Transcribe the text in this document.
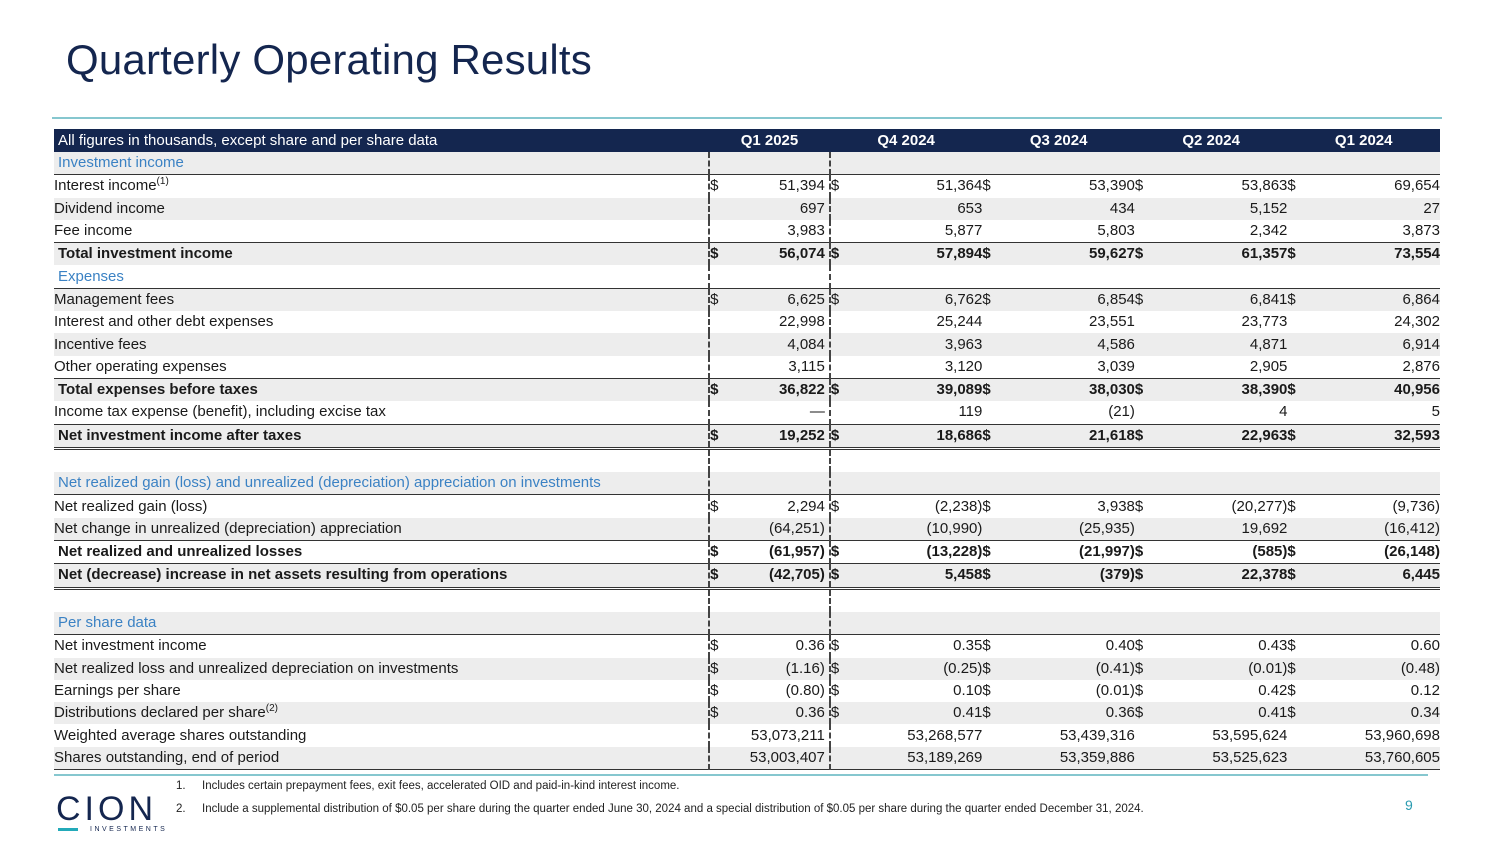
Quarterly Operating Results
All figures in thousands, except share and per share data	Q1 2025		Q4 2024		Q3 2024		Q2 2024		Q1 2024	
Investment income										
Interest income$^{(1)}$	$	51,394	$	51,364	$	53,390	$	53,863	$	69,654
Dividend income		697		653		434		5,152		27
Fee income		3,983		5,877		5,803		2,342		3,873
Total investment income	$	56,074	$	57,894	$	59,627	$	61,357	$	73,554
Expenses										
Management fees	$	6,625	$	6,762	$	6,854	$	6,841	$	6,864
Interest and other debt expenses		22,998		25,244		23,551		23,773		24,302
Incentive fees		4,084		3,963		4,586		4,871		6,914
Other operating expenses		3,115		3,120		3,039		2,905		2,876
Total expenses before taxes	$	36,822	$	39,089	$	38,030	$	38,390	$	40,956
Income tax expense (benefit), including excise tax		—		119		(21)		4		5
Net investment income after taxes	$	19,252	$	18,686	$	21,618	$	22,963	$	32,593

Net realized gain (loss) and unrealized (depreciation) appreciation on investments										
Net realized gain (loss)	$	2,294	$	(2,238)	$	3,938	$	(20,277)	$	(9,736)
Net change in unrealized (depreciation) appreciation		(64,251)		(10,990)		(25,935)		19,692		(16,412)
Net realized and unrealized losses	$	(61,957)	$	(13,228)	$	(21,997)	$	(585)	$	(26,148)
Net (decrease) increase in net assets resulting from operations	$	(42,705)	$	5,458	$	(379)	$	22,378	$	6,445

Per share data										
Net investment income	$	0.36	$	0.35	$	0.40	$	0.43	$	0.60
Net realized loss and unrealized depreciation on investments	$	(1.16)	$	(0.25)	$	(0.41)	$	(0.01)	$	(0.48)
Earnings per share	$	(0.80)	$	0.10	$	(0.01)	$	0.42	$	0.12
Distributions declared per share$^{(2)}$	$	0.36	$	0.41	$	0.36	$	0.41	$	0.34
Weighted average shares outstanding		53,073,211		53,268,577		53,439,316		53,595,624		53,960,698
Shares outstanding, end of period		53,003,407		53,189,269		53,359,886		53,525,623		53,760,605
CION
INVESTMENTS
1. Includes certain prepayment fees, exit fees, accelerated OID and paid-in-kind interest income.
2. Include a supplemental distribution of $0.05 per share during the quarter ended June 30, 2024 and a special distribution of $0.05 per share during the quarter ended December 31, 2024.	9
